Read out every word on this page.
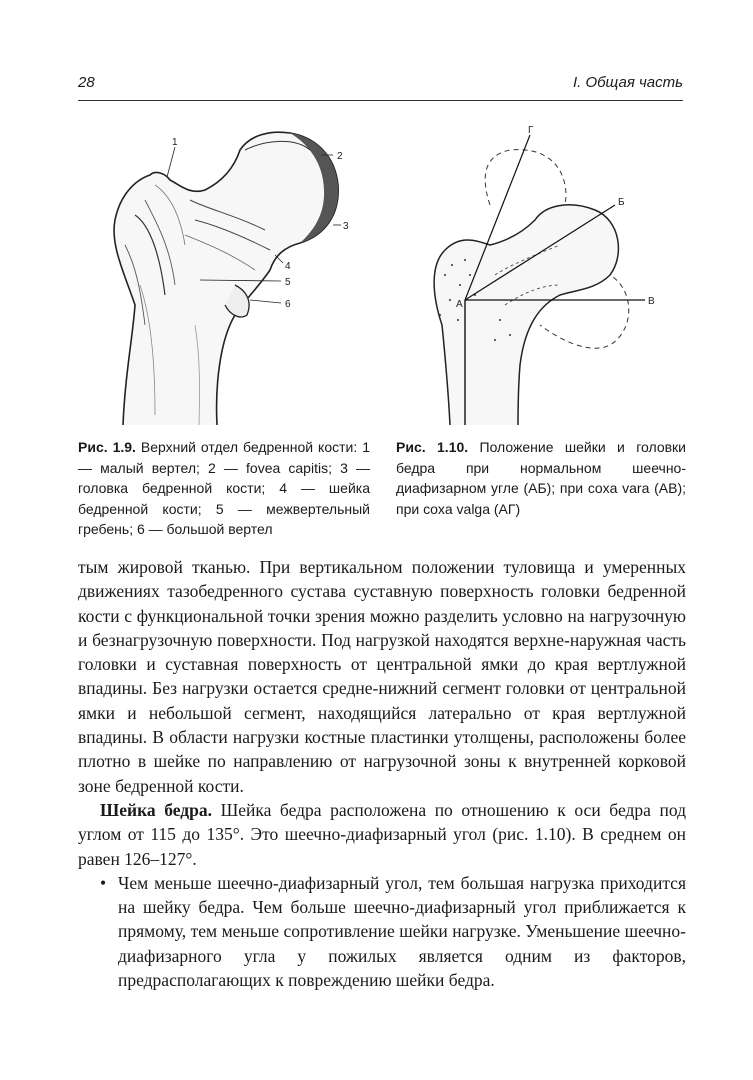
28	I. Общая часть
1
2
3
4
5
6
Г
Б
А	В
Рис. 1.9. Верхний отдел бедренной кости: 1 — малый вертел; 2 — fovea capitis; 3 — головка бедренной кости; 4 — шейка бедренной кости; 5 — межвертельный гребень; 6 — большой вертел
Рис. 1.10. Положение шейки и головки бедра при нормальном шеечно-диафизарном угле (АБ); при coxa vara (АВ); при coxa valga (АГ)

тым жировой тканью. При вертикальном положении туловища и умеренных движениях тазобедренного сустава суставную поверхность головки бедренной кости с функциональной точки зрения можно разделить условно на нагрузочную и безнагрузочную поверхности. Под нагрузкой находятся верхне-наружная часть головки и суставная поверхность от центральной ямки до края вертлужной впадины. Без нагрузки остается средне-нижний сегмент головки от центральной ямки и небольшой сегмент, находящийся латерально от края вертлужной впадины. В области нагрузки костные пластинки утолщены, расположены более плотно в шейке по направлению от нагрузочной зоны к внутренней корковой зоне бедренной кости.

Шейка бедра. Шейка бедра расположена по отношению к оси бедра под углом от 115 до 135°. Это шеечно-диафизарный угол (рис. 1.10). В среднем он равен 126–127°.

• Чем меньше шеечно-диафизарный угол, тем большая нагрузка приходится на шейку бедра. Чем больше шеечно-диафизарный угол приближается к прямому, тем меньше сопротивление шейки нагрузке. Уменьшение шеечно-диафизарного угла у пожилых является одним из факторов, предрасполагающих к повреждению шейки бедра.
